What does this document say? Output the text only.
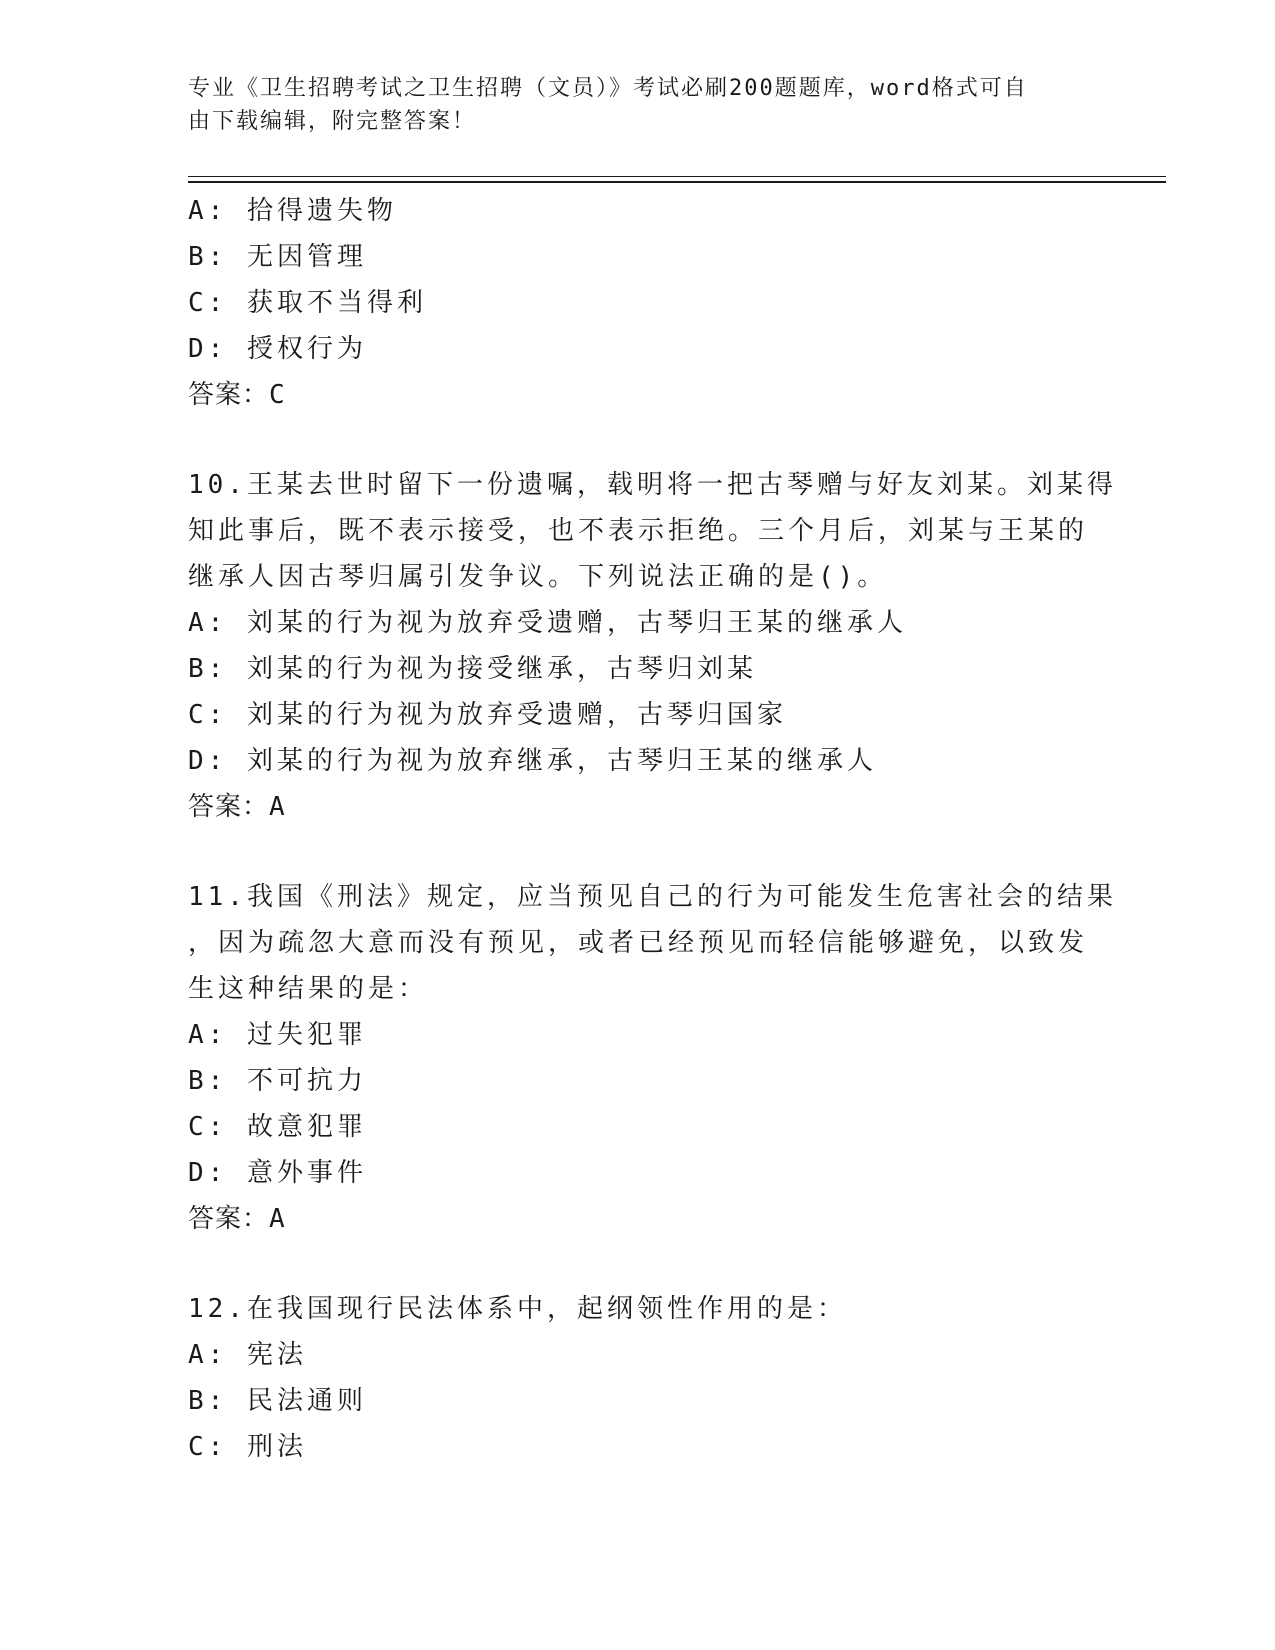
专业《卫生招聘考试之卫生招聘（文员）》考试必刷200题题库，word格式可自
由下载编辑，附完整答案！
A: 拾得遗失物
B: 无因管理
C: 获取不当得利
D: 授权行为
答案：C
10.王某去世时留下一份遗嘱，载明将一把古琴赠与好友刘某。刘某得
知此事后，既不表示接受，也不表示拒绝。三个月后，刘某与王某的
继承人因古琴归属引发争议。下列说法正确的是()。
A: 刘某的行为视为放弃受遗赠，古琴归王某的继承人
B: 刘某的行为视为接受继承，古琴归刘某
C: 刘某的行为视为放弃受遗赠，古琴归国家
D: 刘某的行为视为放弃继承，古琴归王某的继承人
答案：A
11.我国《刑法》规定，应当预见自己的行为可能发生危害社会的结果
，因为疏忽大意而没有预见，或者已经预见而轻信能够避免，以致发
生这种结果的是：
A: 过失犯罪
B: 不可抗力
C: 故意犯罪
D: 意外事件
答案：A
12.在我国现行民法体系中，起纲领性作用的是：
A: 宪法
B: 民法通则
C: 刑法
